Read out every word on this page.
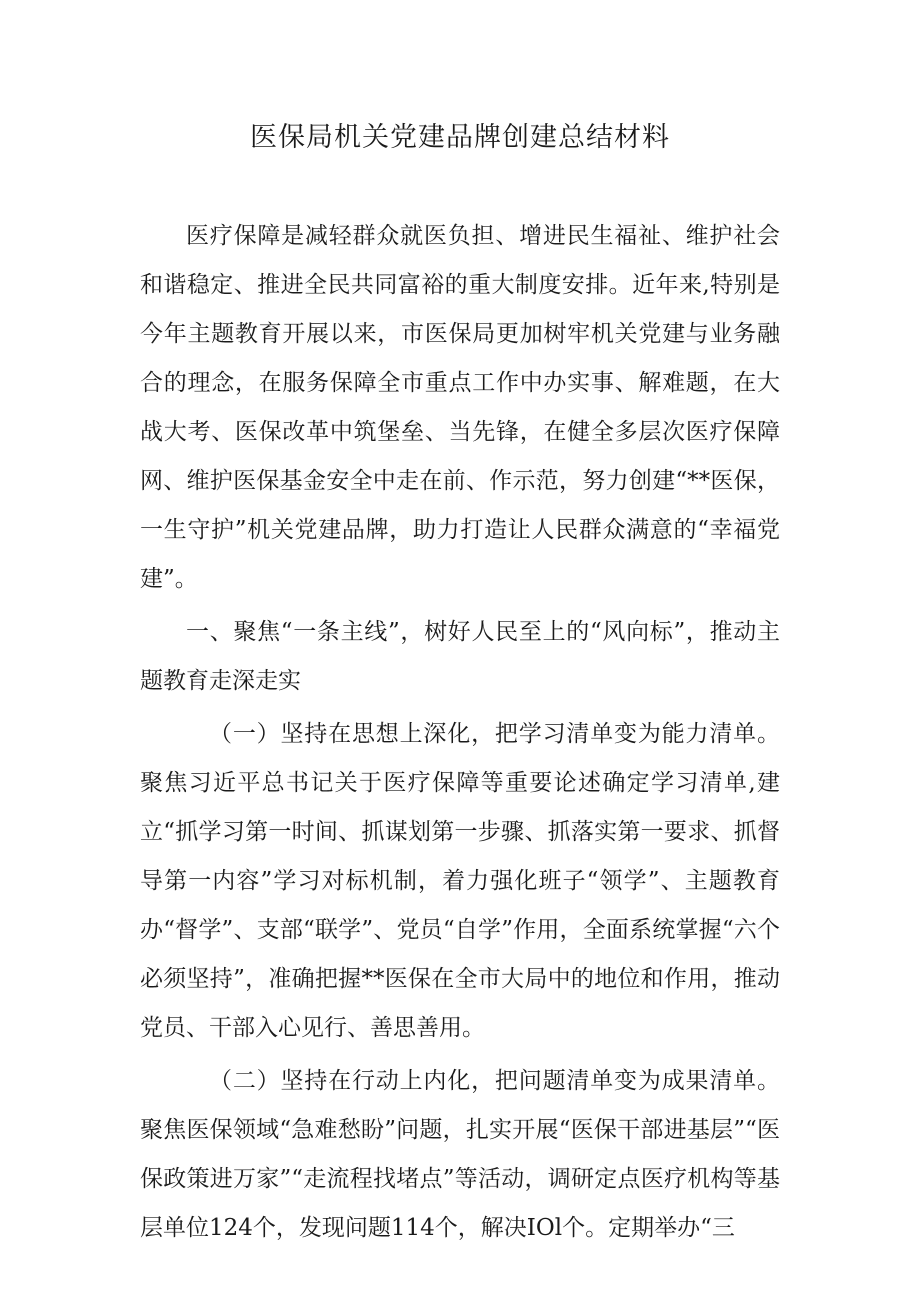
医保局机关党建品牌创建总结材料

医疗保障是减轻群众就医负担、增进民生福祉、维护社会和谐稳定、推进全民共同富裕的重大制度安排。近年来,特别是今年主题教育开展以来，市医保局更加树牢机关党建与业务融合的理念，在服务保障全市重点工作中办实事、解难题，在大战大考、医保改革中筑堡垒、当先锋，在健全多层次医疗保障网、维护医保基金安全中走在前、作示范，努力创建“**医保，一生守护”机关党建品牌，助力打造让人民群众满意的“幸福党建”。

一、聚焦“一条主线”，树好人民至上的“风向标”，推动主题教育走深走实

（一）坚持在思想上深化，把学习清单变为能力清单。聚焦习近平总书记关于医疗保障等重要论述确定学习清单,建立“抓学习第一时间、抓谋划第一步骤、抓落实第一要求、抓督导第一内容”学习对标机制，着力强化班子“领学”、主题教育办“督学”、支部“联学”、党员“自学”作用，全面系统掌握“六个必须坚持”，准确把握**医保在全市大局中的地位和作用，推动党员、干部入心见行、善思善用。

（二）坚持在行动上内化，把问题清单变为成果清单。聚焦医保领域“急难愁盼”问题，扎实开展“医保干部进基层”“医保政策进万家”“走流程找堵点”等活动，调研定点医疗机构等基层单位124个，发现问题114个，解决IOl个。定期举办“三
